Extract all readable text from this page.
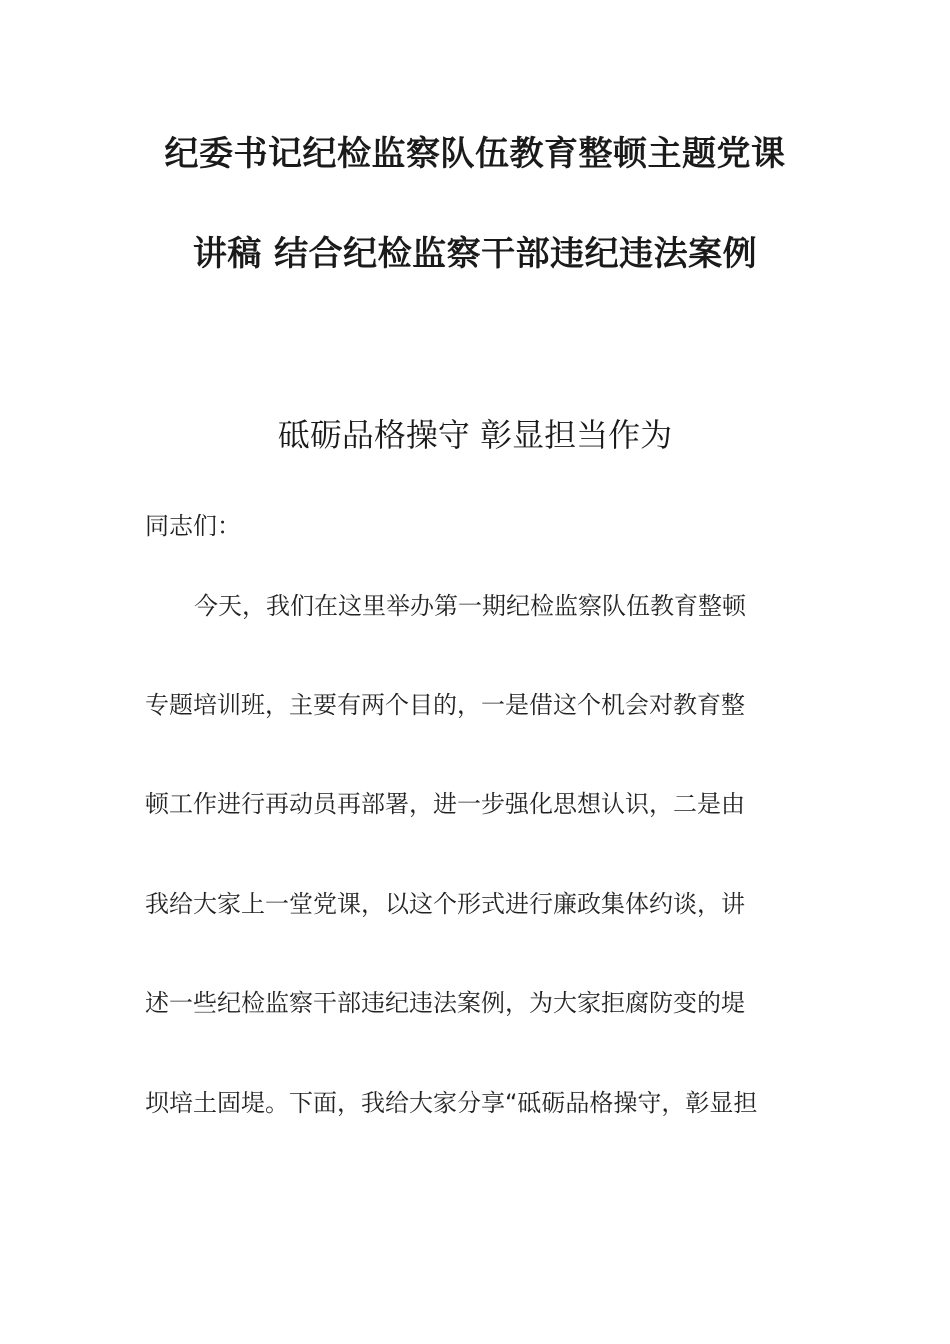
纪委书记纪检监察队伍教育整顿主题党课
讲稿 结合纪检监察干部违纪违法案例
砥砺品格操守 彰显担当作为
同志们：
今天，我们在这里举办第一期纪检监察队伍教育整顿
专题培训班，主要有两个目的，一是借这个机会对教育整
顿工作进行再动员再部署，进一步强化思想认识，二是由
我给大家上一堂党课，以这个形式进行廉政集体约谈，讲
述一些纪检监察干部违纪违法案例，为大家拒腐防变的堤
坝培土固堤。下面，我给大家分享“砥砺品格操守，彰显担
